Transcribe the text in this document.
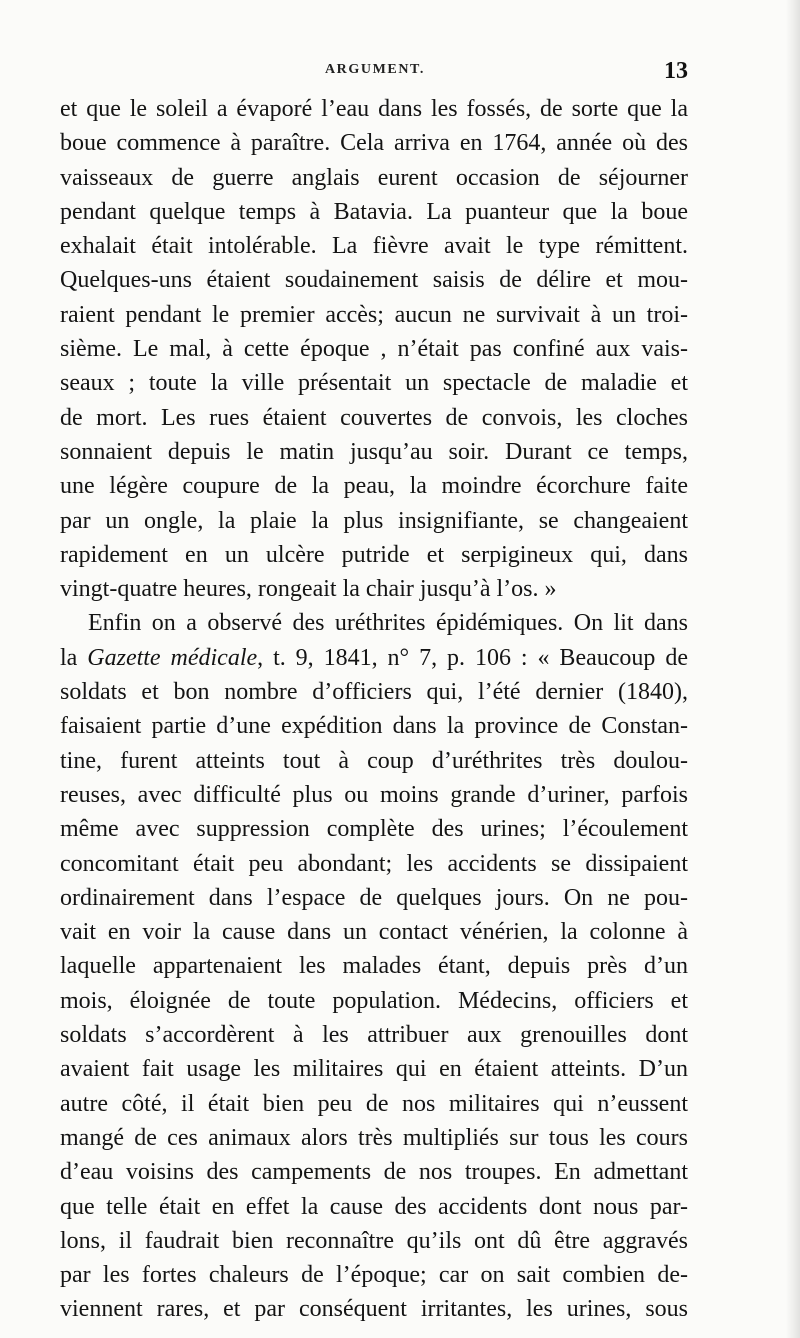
ARGUMENT.	13
et que le soleil a évaporé l’eau dans les fossés, de sorte que la
boue commence à paraître. Cela arriva en 1764, année où des
vaisseaux de guerre anglais eurent occasion de séjourner
pendant quelque temps à Batavia. La puanteur que la boue
exhalait était intolérable. La fièvre avait le type rémittent.
Quelques-uns étaient soudainement saisis de délire et mou-
raient pendant le premier accès; aucun ne survivait à un troi-
sième. Le mal, à cette époque , n’était pas confiné aux vais-
seaux ; toute la ville présentait un spectacle de maladie et
de mort. Les rues étaient couvertes de convois, les cloches
sonnaient depuis le matin jusqu’au soir. Durant ce temps,
une légère coupure de la peau, la moindre écorchure faite
par un ongle, la plaie la plus insignifiante, se changeaient
rapidement en un ulcère putride et serpigineux qui, dans
vingt-quatre heures, rongeait la chair jusqu’à l’os. »
Enfin on a observé des uréthrites épidémiques. On lit dans
la Gazette médicale, t. 9, 1841, n° 7, p. 106 : « Beaucoup de
soldats et bon nombre d’officiers qui, l’été dernier (1840),
faisaient partie d’une expédition dans la province de Constan-
tine, furent atteints tout à coup d’uréthrites très doulou-
reuses, avec difficulté plus ou moins grande d’uriner, parfois
même avec suppression complète des urines; l’écoulement
concomitant était peu abondant; les accidents se dissipaient
ordinairement dans l’espace de quelques jours. On ne pou-
vait en voir la cause dans un contact vénérien, la colonne à
laquelle appartenaient les malades étant, depuis près d’un
mois, éloignée de toute population. Médecins, officiers et
soldats s’accordèrent à les attribuer aux grenouilles dont
avaient fait usage les militaires qui en étaient atteints. D’un
autre côté, il était bien peu de nos militaires qui n’eussent
mangé de ces animaux alors très multipliés sur tous les cours
d’eau voisins des campements de nos troupes. En admettant
que telle était en effet la cause des accidents dont nous par-
lons, il faudrait bien reconnaître qu’ils ont dû être aggravés
par les fortes chaleurs de l’époque; car on sait combien de-
viennent rares, et par conséquent irritantes, les urines, sous
